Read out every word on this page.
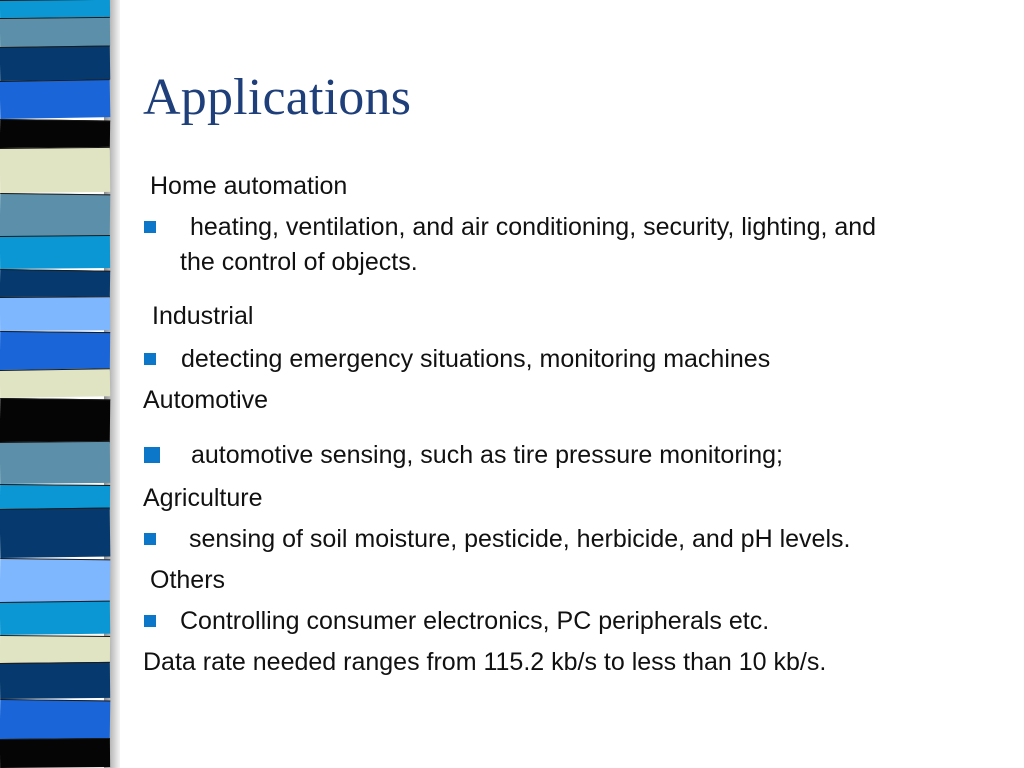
Applications
Home automation
heating, ventilation, and air conditioning, security, lighting, and
the control of objects.
Industrial
detecting emergency situations, monitoring machines
Automotive
automotive sensing, such as tire pressure monitoring;
Agriculture
sensing of soil moisture, pesticide, herbicide, and pH levels.
Others
Controlling consumer electronics, PC peripherals etc.
Data rate needed ranges from 115.2 kb/s to less than 10 kb/s.
